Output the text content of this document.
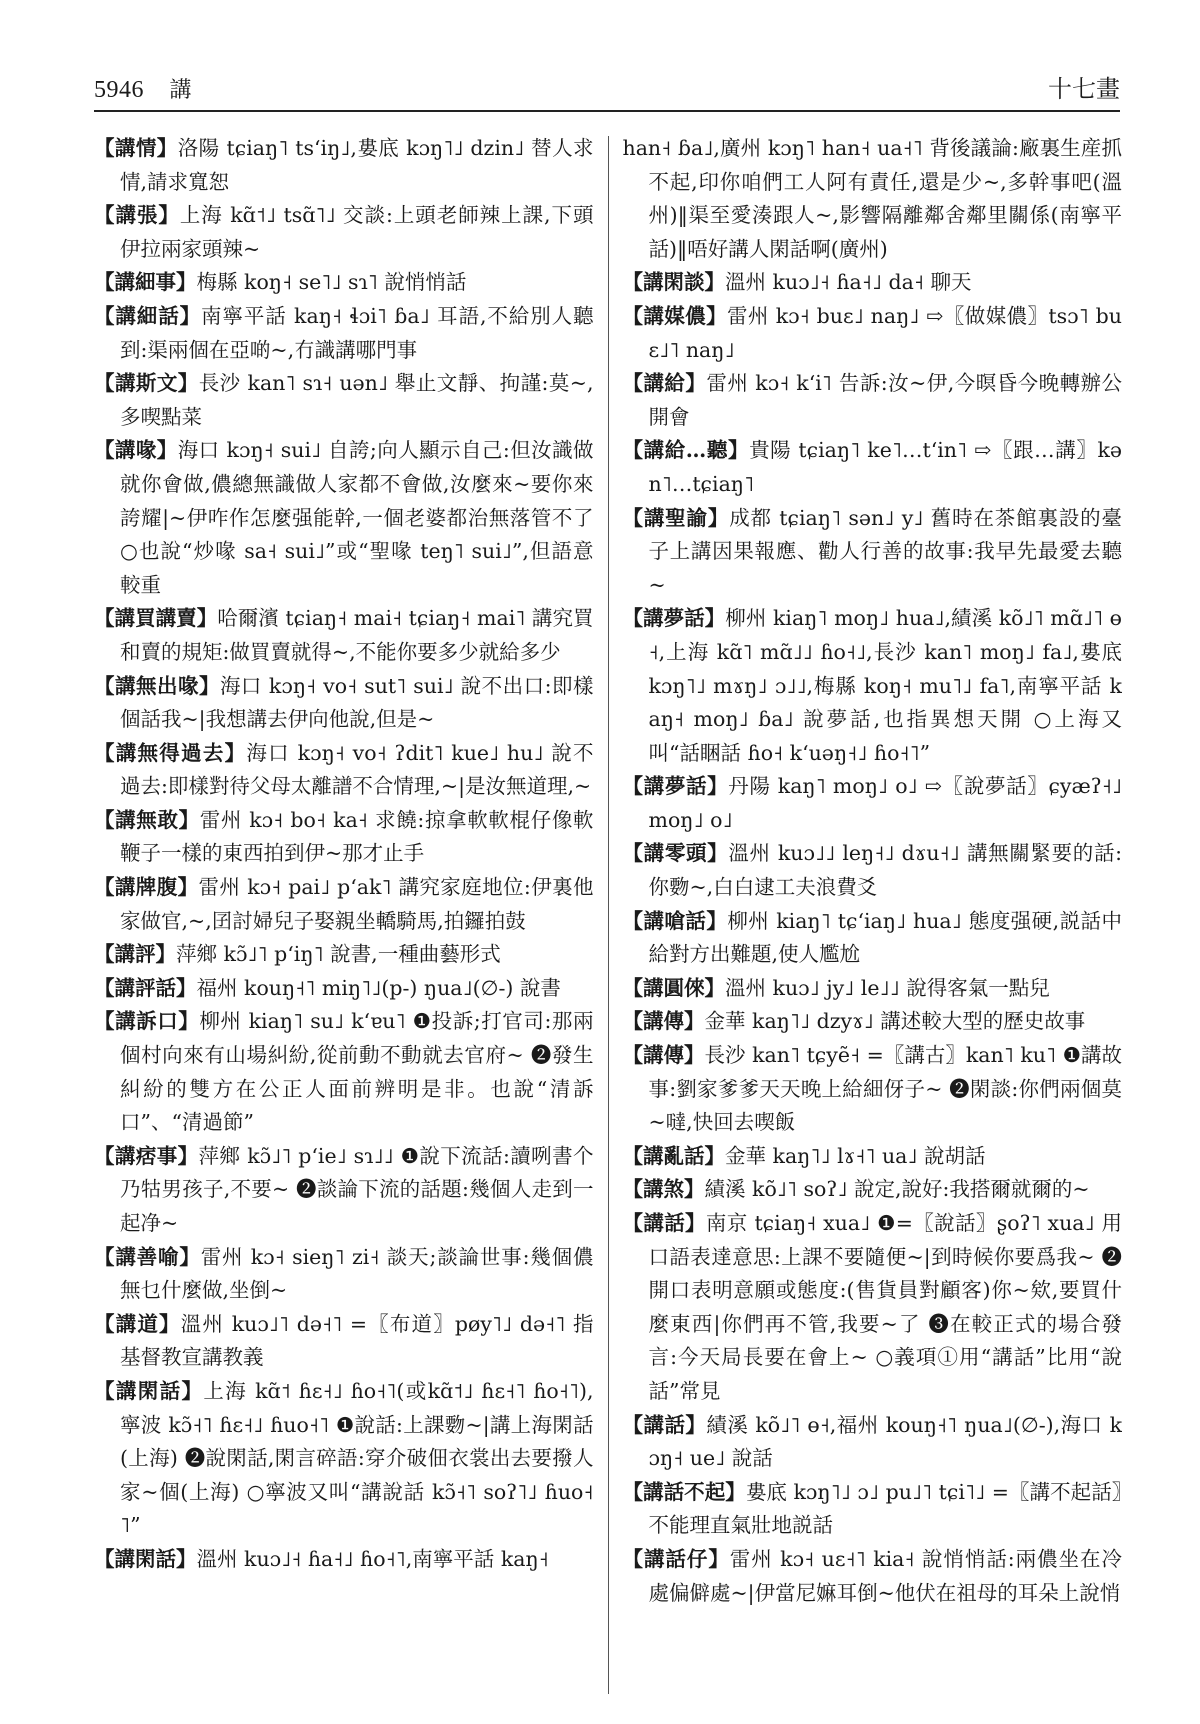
5946 講	十七畫
【講情】洛陽 tɕiaŋ˥ tsʻiŋ˩,婁底 kɔŋ˥˩ dzin˩ 替人求情,請求寬恕
【講張】上海 kɑ̃˦˩ tsɑ̃˥˩ 交談:上頭老師辣上課,下頭伊拉兩家頭辣~
【講細事】梅縣 koŋ˧ se˥˩ sɿ˥ 說悄悄話
【講細話】南寧平話 kaŋ˧ ɬɔi˥ ɓa˩ 耳語,不給別人聽到:渠兩個在亞啲~,冇識講哪門事
【講斯文】長沙 kan˥ sɿ˧ uən˩ 舉止文靜、拘謹:莫~,多喫點菜
【講喙】海口 kɔŋ˧ sui˩ 自誇;向人顯示自己:但汝識做就你會做,儂總無識做人家都不會做,汝麼來~要你來誇耀|~伊咋作怎麼强能幹,一個老婆都治無落管不了 ○也說“炒喙 sa˧ sui˩”或“聖喙 teŋ˥ sui˩”,但語意較重
【講買講賣】哈爾濱 tɕiaŋ˧ mai˧ tɕiaŋ˧ mai˥ 講究買和賣的規矩:做買賣就得~,不能你要多少就給多少
【講無出喙】海口 kɔŋ˧ vo˧ sut˥ sui˩ 說不出口:即樣個話我~|我想講去伊向他說,但是~
【講無得過去】海口 kɔŋ˧ vo˧ ʔdit˥ kue˩ hu˩ 說不過去:即樣對待父母太離譜不合情理,~|是汝無道理,~
【講無敢】雷州 kɔ˧ bo˧ ka˧ 求饒:掠拿軟軟棍仔像軟鞭子一樣的東西拍到伊~那才止手
【講牌腹】雷州 kɔ˧ pai˩ pʻak˥ 講究家庭地位:伊裏他家做官,~,囝討婦兒子娶親坐轎騎馬,拍鑼拍鼓
【講評】萍鄉 kɔ̃˩˥ pʻiŋ˥ 說書,一種曲藝形式
【講評話】福州 kouŋ˧˥ miŋ˥˩(p-) ŋua˩(∅-) 說書
【講訴口】柳州 kiaŋ˥ su˩ kʻɐu˥ ❶投訴;打官司:那兩個村向來有山場糾紛,從前動不動就去官府~ ❷發生糾紛的雙方在公正人面前辨明是非。也說“清訴口”、“清過節”
【講痞事】萍鄉 kɔ̃˩˥ pʻie˩ sɿ˩˩ ❶說下流話:讀咧書个乃牯男孩子,不要~ ❷談論下流的話題:幾個人走到一起净~
【講善喻】雷州 kɔ˧ sieŋ˥ zi˧ 談天;談論世事:幾個儂無乜什麼做,坐倒~
【講道】溫州 kuɔ˩˥ də˧˥ =〖布道〗pøy˥˩ də˧˥ 指基督教宣講教義
【講閑話】上海 kɑ̃˦ ɦɛ˧˩ ɦo˧˥(或kɑ̃˦˩ ɦɛ˧˥ ɦo˧˥),寧波 kɔ̃˧˥ ɦɛ˧˩ ɦuo˧˥ ❶說話:上課覅~|講上海閑話(上海) ❷說閑話,閑言碎語:穿介破佃衣裳出去要撥人家~個(上海) ○寧波又叫“講說話 kɔ̃˧˥ soʔ˥˩ ɦuo˧˥”
【講閑話】溫州 kuɔ˩˧ ɦa˧˩ ɦo˧˥,南寧平話 kaŋ˧
han˧ ɓa˩,廣州 kɔŋ˥ han˧ ua˧˥ 背後議論:廠裏生産抓不起,印你咱們工人阿有責任,還是少~,多幹事吧(溫州)‖渠至愛湊跟人~,影響隔離鄰舍鄰里關係(南寧平話)‖唔好講人閑話啊(廣州)
【講閑談】溫州 kuɔ˩˧ ɦa˧˩ da˧ 聊天
【講媒儂】雷州 kɔ˧ buɛ˩ naŋ˩ ⇨〖做媒儂〗tsɔ˥ buɛ˩˥ naŋ˩
【講給】雷州 kɔ˧ kʻi˥ 告訴:汝~伊,今暝昏今晚轉辦公開會
【講給…聽】貴陽 tɕiaŋ˥ ke˥…tʻin˥ ⇨〖跟…講〗kən˥…tɕiaŋ˥
【講聖諭】成都 tɕiaŋ˥ sən˩ y˩ 舊時在茶館裏設的臺子上講因果報應、勸人行善的故事:我早先最愛去聽~
【講夢話】柳州 kiaŋ˥ moŋ˩ hua˩,績溪 kõ˩˥ mɑ̃˩˥ ɵ˧,上海 kɑ̃˥ mɑ̃˩˩ ɦo˧˩,長沙 kan˥ moŋ˩ fa˩,婁底 kɔŋ˥˩ mɤŋ˩ ɔ˩˩,梅縣 koŋ˧ mu˥˩ fa˥,南寧平話 kaŋ˧ moŋ˩ ɓa˩ 說夢話,也指異想天開 ○上海又叫“話睏話 ɦo˧ kʻuəŋ˧˩ ɦo˧˥”
【講夢話】丹陽 kaŋ˥ moŋ˩ o˩ ⇨〖說夢話〗ɕyæʔ˧˩ moŋ˩ o˩
【講零頭】溫州 kuɔ˩˩ leŋ˧˩ dɤu˧˩ 講無關緊要的話:你覅~,白白逮工夫浪費爻
【講嗆話】柳州 kiaŋ˥ tɕʻiaŋ˩ hua˩ 態度强硬,説話中給對方出難題,使人尷尬
【講圓倈】溫州 kuɔ˩ jy˩ le˩˩ 說得客氣一點兒
【講傳】金華 kaŋ˥˩ dzyɤ˩ 講述較大型的歷史故事
【講傳】長沙 kan˥ tɕyẽ˧ =〖講古〗kan˥ ku˥ ❶講故事:劉家爹爹天天晚上給細伢子~ ❷閑談:你們兩個莫~噠,快回去喫飯
【講亂話】金華 kaŋ˥˩ lɤ˧˥ ua˩ 說胡話
【講煞】績溪 kõ˩˥ soʔ˩ 說定,說好:我搭爾就爾的~
【講話】南京 tɕiaŋ˧ xua˩ ❶=〖說話〗ʂoʔ˥ xua˩ 用口語表達意思:上課不要隨便~|到時候你要爲我~ ❷開口表明意願或態度:(售貨員對顧客)你~欸,要買什麼東西|你們再不管,我要~了 ❸在較正式的場合發言:今天局長要在會上~ ○義項①用“講話”比用“說話”常見
【講話】績溪 kõ˩˥ ɵ˧,福州 kouŋ˧˥ ŋua˩(∅-),海口 kɔŋ˧ ue˩ 說話
【講話不起】婁底 kɔŋ˥˩ ɔ˩ pu˩˥ tɕi˥˩ =〖講不起話〗不能理直氣壯地説話
【講話仔】雷州 kɔ˧ uɛ˧˥ kia˧ 說悄悄話:兩儂坐在冷處偏僻處~|伊當尼嫲耳倒~他伏在祖母的耳朵上說悄
